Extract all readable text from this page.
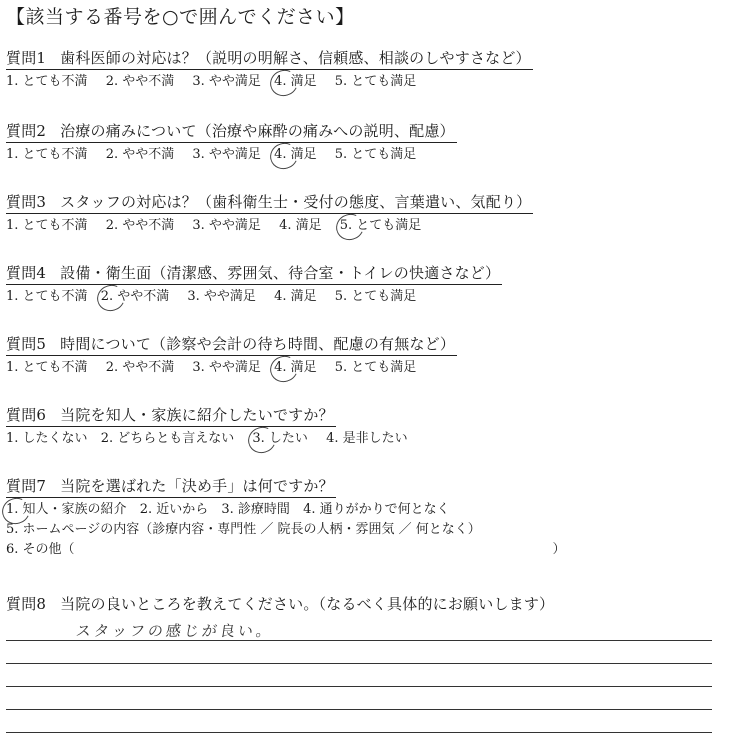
【該当する番号を○で囲んでください】
質問1 歯科医師の対応は？（説明の明解さ、信頼感、相談のしやすさなど）
1. とても不満 2. やや不満 3. やや満足 4. 満足 5. とても満足
質問2 治療の痛みについて（治療や麻酔の痛みへの説明、配慮）
1. とても不満 2. やや不満 3. やや満足 4. 満足 5. とても満足
質問3 スタッフの対応は？（歯科衛生士・受付の態度、言葉遣い、気配り）
1. とても不満 2. やや不満 3. やや満足 4. 満足 5. とても満足
質問4 設備・衛生面（清潔感、雰囲気、待合室・トイレの快適さなど）
1. とても不満 2. やや不満 3. やや満足 4. 満足 5. とても満足
質問5 時間について（診察や会計の待ち時間、配慮の有無など）
1. とても不満 2. やや不満 3. やや満足 4. 満足 5. とても満足
質問6 当院を知人・家族に紹介したいですか？
1. したくない 2. どちらとも言えない 3. したい 4. 是非したい
質問7 当院を選ばれた「決め手」は何ですか？
1. 知人・家族の紹介 2. 近いから 3. 診療時間 4. 通りがかりで何となく
5. ホームページの内容（診療内容・専門性 ／ 院長の人柄・雰囲気 ／ 何となく）
6. その他（	）
質問8 当院の良いところを教えてください。（なるべく具体的にお願いします）
スタッフの感じが良い。
